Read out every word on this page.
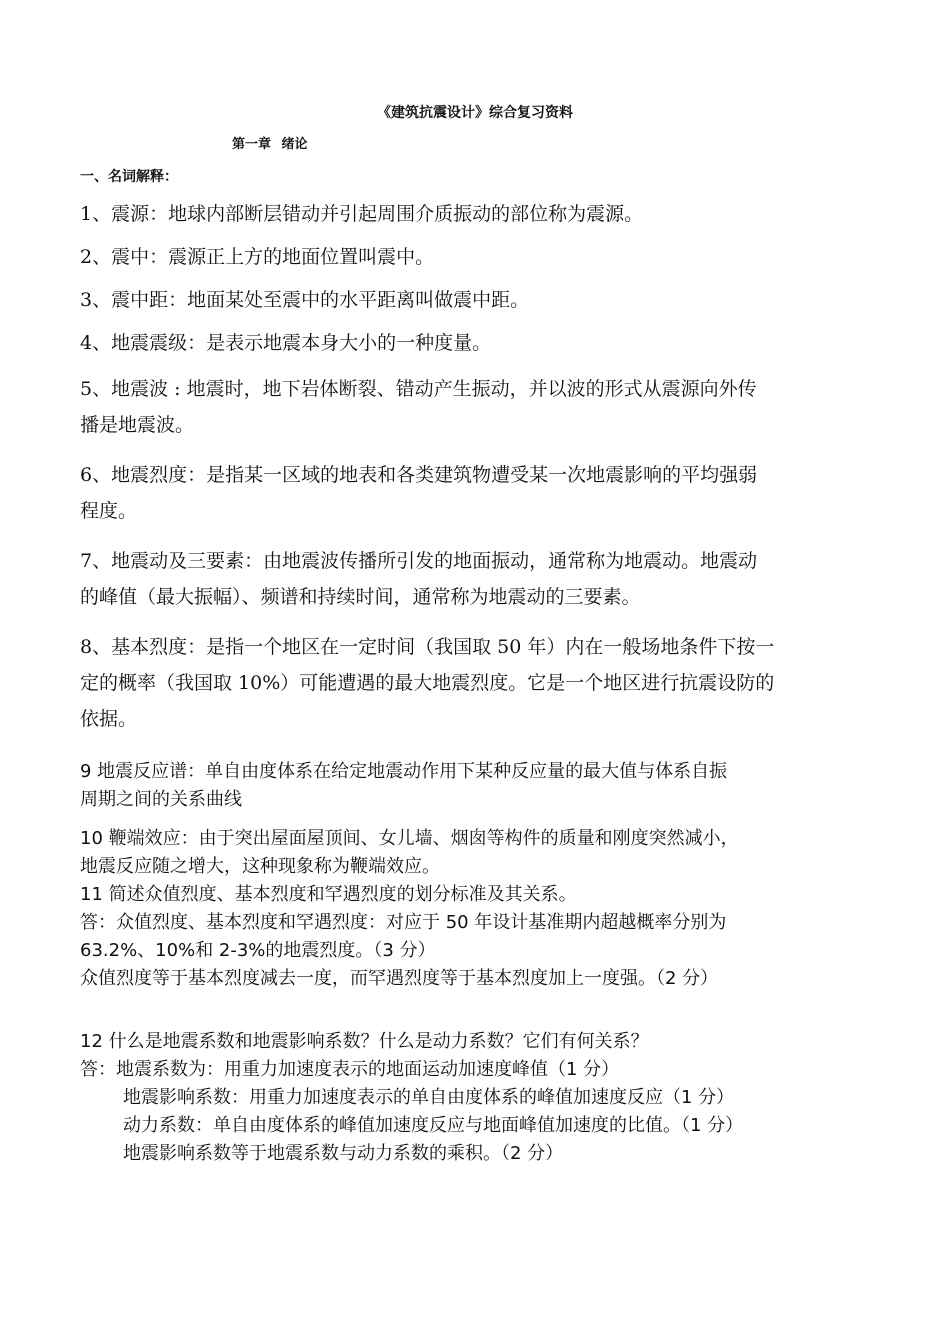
《建筑抗震设计》综合复习资料
第一章 绪论
一、名词解释：
1、震源：地球内部断层错动并引起周围介质振动的部位称为震源。
2、震中：震源正上方的地面位置叫震中。
3、震中距：地面某处至震中的水平距离叫做震中距。
4、地震震级：是表示地震本身大小的一种度量。
5、地震波 : 地震时，地下岩体断裂、错动产生振动，并以波的形式从震源向外传
播是地震波。
6、地震烈度：是指某一区域的地表和各类建筑物遭受某一次地震影响的平均强弱
程度。
7、地震动及三要素：由地震波传播所引发的地面振动，通常称为地震动。地震动
的峰值（最大振幅）、频谱和持续时间，通常称为地震动的三要素。
8、基本烈度：是指一个地区在一定时间（我国取 50 年）内在一般场地条件下按一
定的概率（我国取 10%）可能遭遇的最大地震烈度。它是一个地区进行抗震设防的
依据。
9 地震反应谱：单自由度体系在给定地震动作用下某种反应量的最大值与体系自振
周期之间的关系曲线
10 鞭端效应：由于突出屋面屋顶间、女儿墙、烟囱等构件的质量和刚度突然减小，
地震反应随之增大，这种现象称为鞭端效应。
11 简述众值烈度、基本烈度和罕遇烈度的划分标准及其关系。
答：众值烈度、基本烈度和罕遇烈度：对应于 50 年设计基准期内超越概率分别为
63.2%、10%和 2-3%的地震烈度。（3 分）
众值烈度等于基本烈度减去一度，而罕遇烈度等于基本烈度加上一度强。（2 分）
12 什么是地震系数和地震影响系数？什么是动力系数？它们有何关系？
答：地震系数为：用重力加速度表示的地面运动加速度峰值（1 分）
地震影响系数：用重力加速度表示的单自由度体系的峰值加速度反应（1 分）
动力系数：单自由度体系的峰值加速度反应与地面峰值加速度的比值。（1 分）
地震影响系数等于地震系数与动力系数的乘积。（2 分）
